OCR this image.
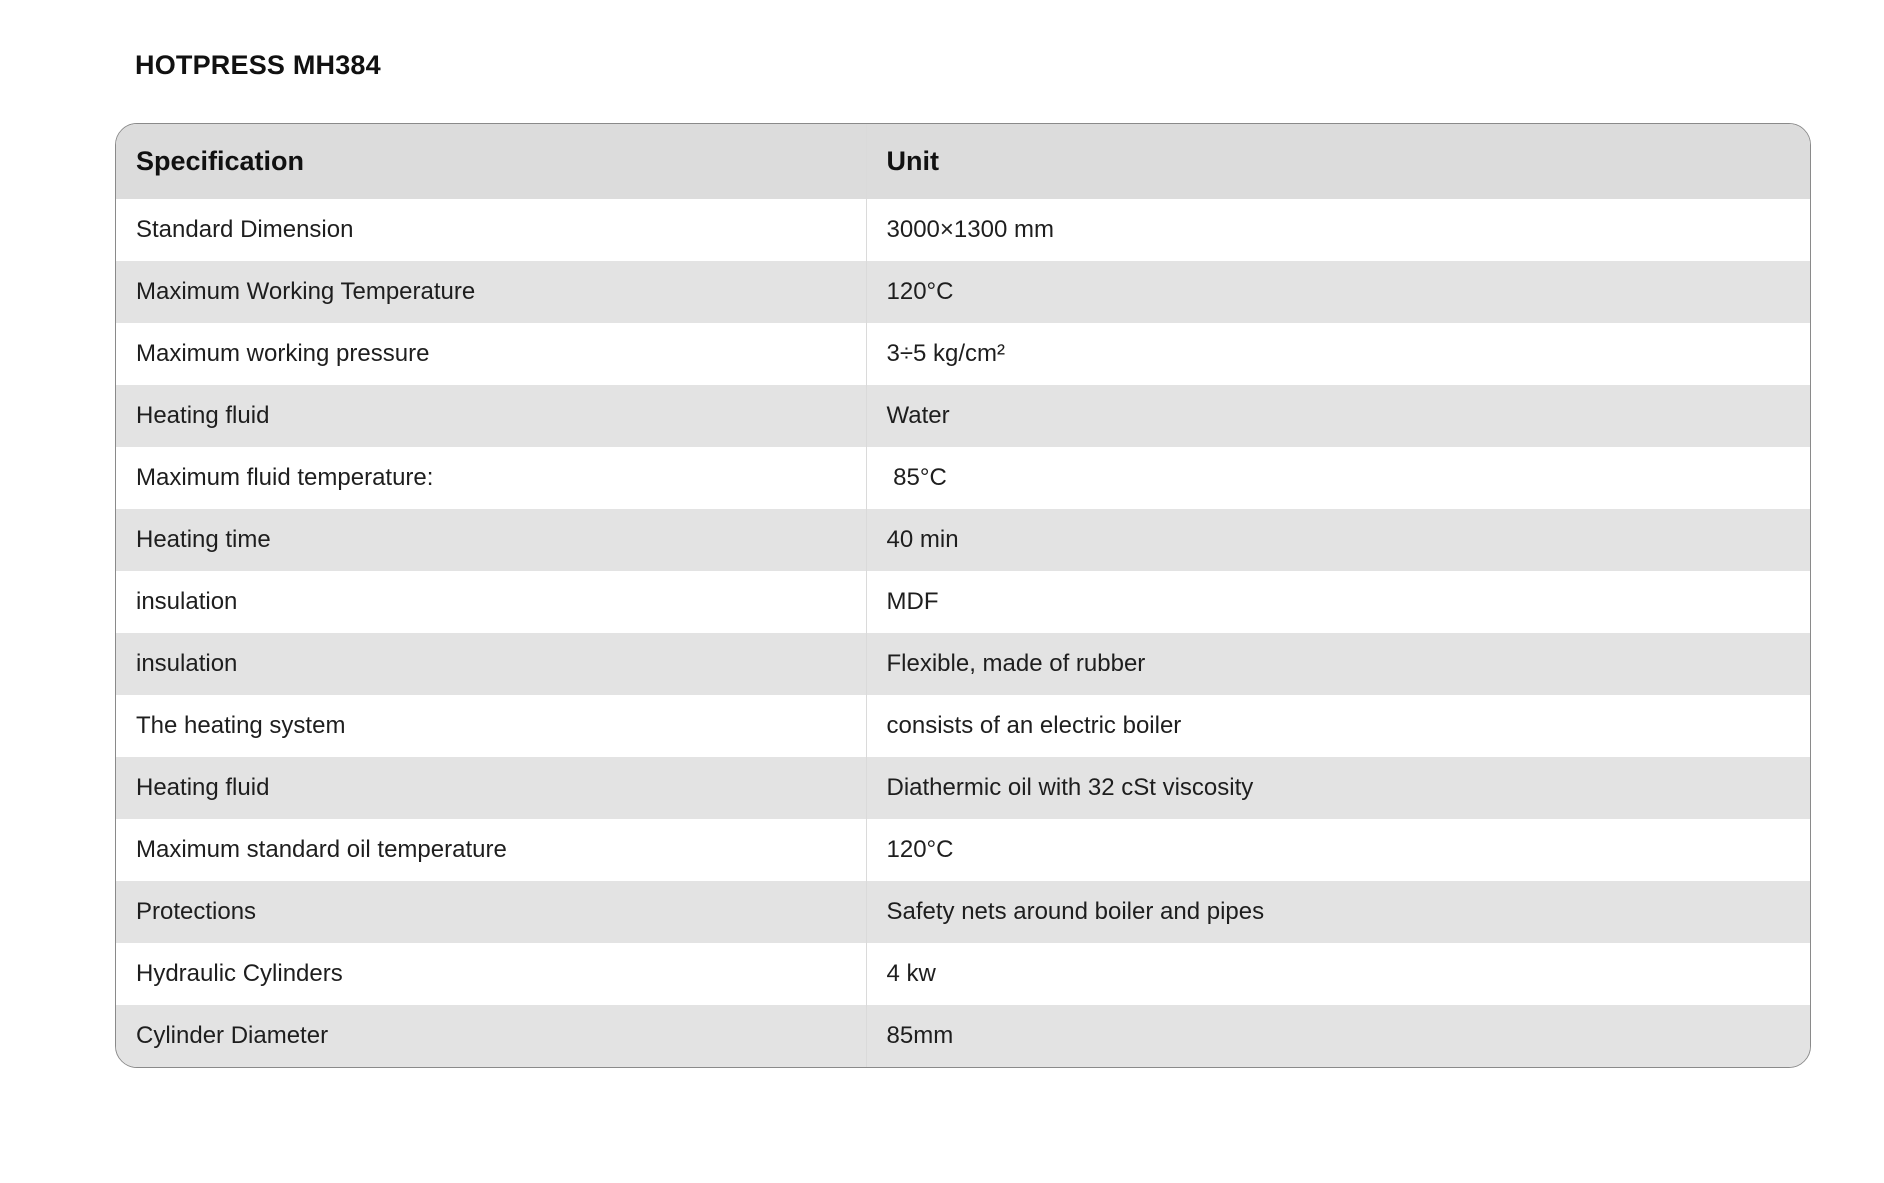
HOTPRESS MH384
Specification	Unit
Standard Dimension	3000×1300 mm
Maximum Working Temperature	120°C
Maximum working pressure	3÷5 kg/cm²
Heating fluid	Water
Maximum fluid temperature:	85°C
Heating time	40 min
insulation	MDF
insulation	Flexible, made of rubber
The heating system	consists of an electric boiler
Heating fluid	Diathermic oil with 32 cSt viscosity
Maximum standard oil temperature	120°C
Protections	Safety nets around boiler and pipes
Hydraulic Cylinders	4 kw
Cylinder Diameter	85mm
